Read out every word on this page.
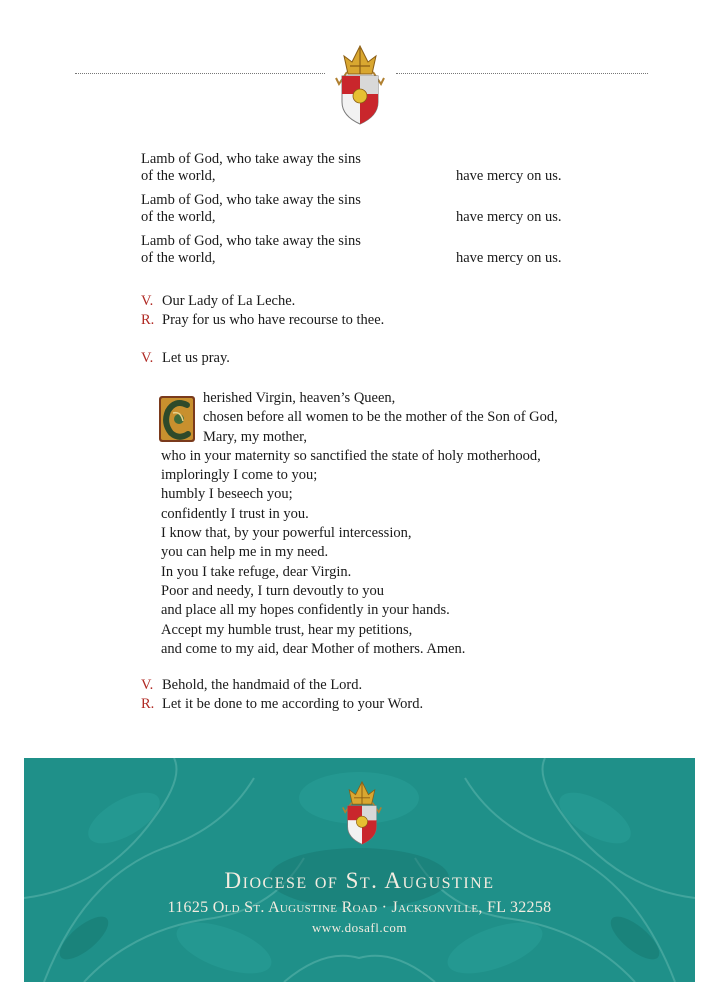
Lamb of God, who take away the sins
of the world,	have mercy on us.
Lamb of God, who take away the sins
of the world,	have mercy on us.
Lamb of God, who take away the sins
of the world,	have mercy on us.
V. Our Lady of La Leche.
R. Pray for us who have recourse to thee.
V. Let us pray.
herished Virgin, heaven’s Queen,
chosen before all women to be the mother of the Son of God,
Mary, my mother,
who in your maternity so sanctified the state of holy motherhood,
imploringly I come to you;
humbly I beseech you;
confidently I trust in you.
I know that, by your powerful intercession,
you can help me in my need.
In you I take refuge, dear Virgin.
Poor and needy, I turn devoutly to you
and place all my hopes confidently in your hands.
Accept my humble trust, hear my petitions,
and come to my aid, dear Mother of mothers. Amen.
V. Behold, the handmaid of the Lord.
R. Let it be done to me according to your Word.
Diocese of St. Augustine
11625 Old St. Augustine Road · Jacksonville, FL 32258
www.dosafl.com
